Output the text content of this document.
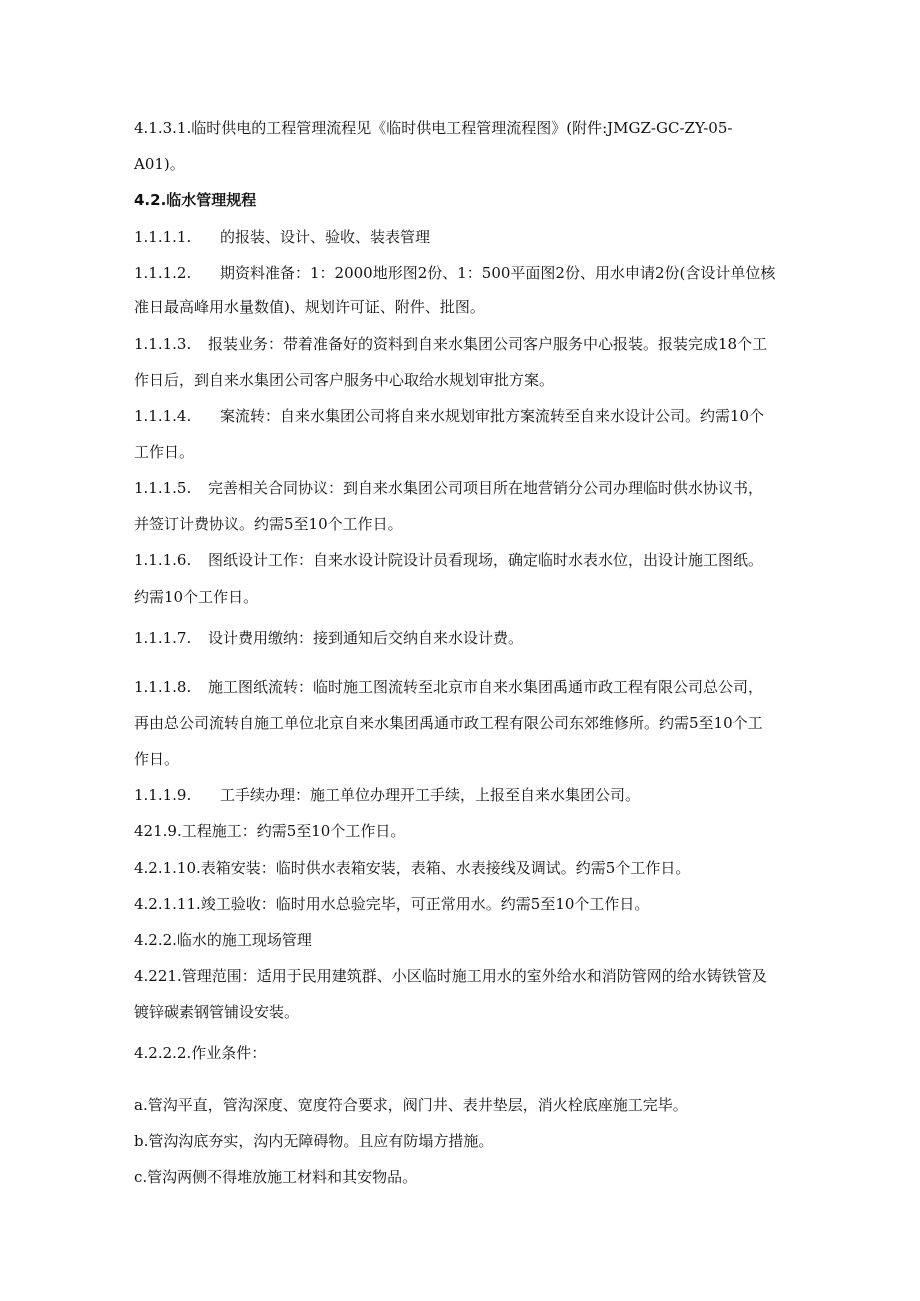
4.1.3.1.临时供电的工程管理流程见《临时供电工程管理流程图》(附件:JMGZ-GC-ZY-05-
A01)。
4.2.临水管理规程
1.1.1.1. 的报装、设计、验收、装表管理
1.1.1.2. 期资料准备：1：2000地形图2份、1：500平面图2份、用水申请2份(含设计单位核
准日最高峰用水量数值)、规划许可证、附件、批图。
1.1.1.3. 报装业务：带着准备好的资料到自来水集团公司客户服务中心报装。报装完成18个工
作日后，到自来水集团公司客户服务中心取给水规划审批方案。
1.1.1.4. 案流转：自来水集团公司将自来水规划审批方案流转至自来水设计公司。约需10个
工作日。
1.1.1.5. 完善相关合同协议：到自来水集团公司项目所在地营销分公司办理临时供水协议书，
并签订计费协议。约需5至10个工作日。
1.1.1.6. 图纸设计工作：自来水设计院设计员看现场，确定临时水表水位，出设计施工图纸。
约需10个工作日。
1.1.1.7. 设计费用缴纳：接到通知后交纳自来水设计费。
1.1.1.8. 施工图纸流转：临时施工图流转至北京市自来水集团禹通市政工程有限公司总公司，
再由总公司流转自施工单位北京自来水集团禹通市政工程有限公司东郊维修所。约需5至10个工
作日。
1.1.1.9. 工手续办理：施工单位办理开工手续，上报至自来水集团公司。
421.9.工程施工：约需5至10个工作日。
4.2.1.10.表箱安装：临时供水表箱安装，表箱、水表接线及调试。约需5个工作日。
4.2.1.11.竣工验收：临时用水总验完毕，可正常用水。约需5至10个工作日。
4.2.2.临水的施工现场管理
4.221.管理范围：适用于民用建筑群、小区临时施工用水的室外给水和消防管网的给水铸铁管及
镀锌碳素钢管铺设安装。
4.2.2.2.作业条件：
a.管沟平直，管沟深度、宽度符合要求，阀门井、表井垫层，消火栓底座施工完毕。
b.管沟沟底夯实，沟内无障碍物。且应有防塌方措施。
c.管沟两侧不得堆放施工材料和其安物品。
